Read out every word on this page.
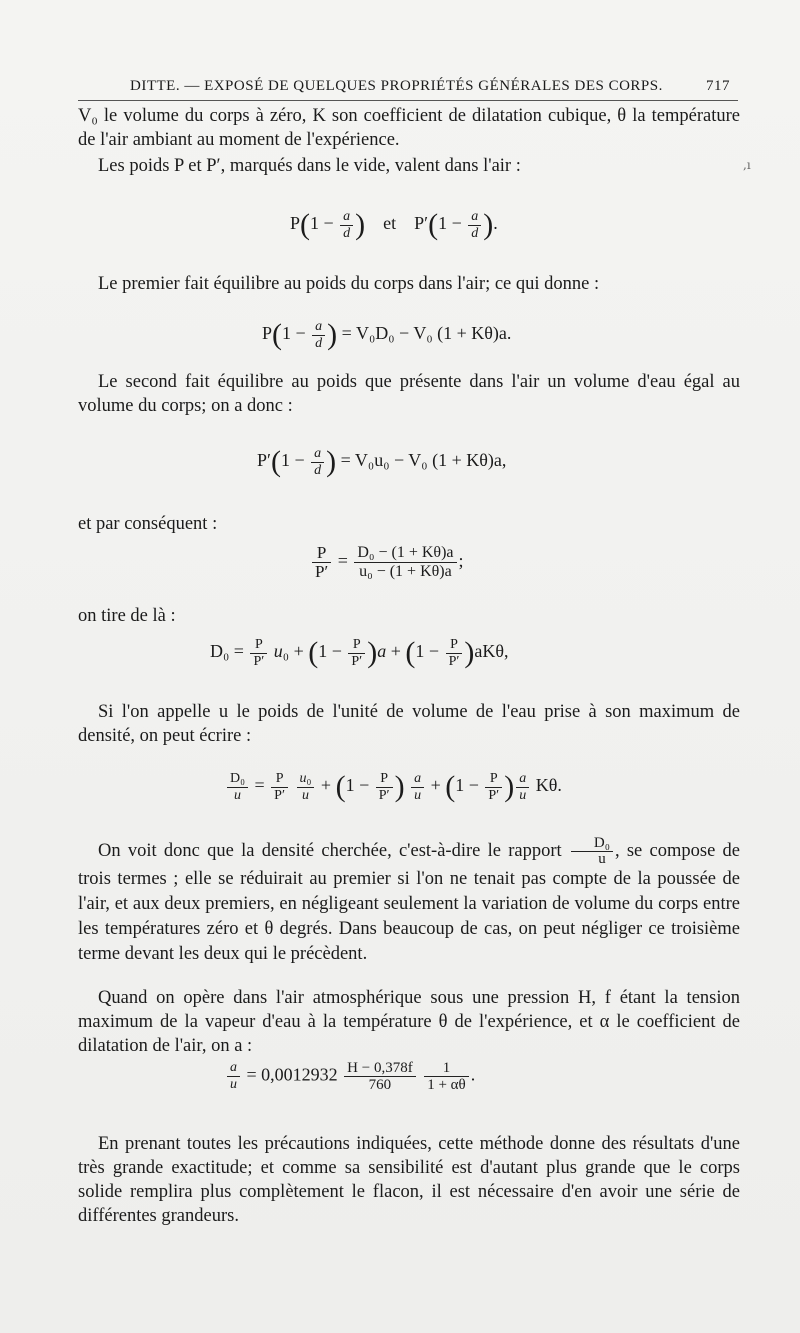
DITTE. — EXPOSÉ DE QUELQUES PROPRIÉTÉS GÉNÉRALES DES CORPS.	717
V₀ le volume du corps à zéro, K son coefficient de dilatation cubique, θ la température de l'air ambiant au moment de l'expérience.
Les poids P et P′, marqués dans le vide, valent dans l'air :	,ı
$P(1 - \frac{a}{d}$ ) et    $P'(1 - \frac{a}{d}$ ).
Le premier fait équilibre au poids du corps dans l'air; ce qui donne :
$P(1 - \frac{a}{d}$ ) = V₀D₀ − V₀ (1 + Kθ)a.
Le second fait équilibre au poids que présente dans l'air un volume d'eau égal au volume du corps; on a donc :
$P'(1 - \frac{a}{d}$ ) = V₀u₀ − V₀ (1 + Kθ)a,
et par conséquent :
$\frac{P}{P'} = \frac{\text{D₀ − (1 + Kθ)a}}{\text{u₀ − (1 + Kθ)a}}$ ;
on tire de là :
$D_0 = \frac{P}{P'} u_0 + (1 - \frac{P}{P'} )a + (1 - \frac{P}{P'} )aK\theta$,
Si l'on appelle u le poids de l'unité de volume de l'eau prise à son maximum de densité, on peut écrire :
$\frac{\text{D₀}}{u} = \frac{P}{P'}$
$\frac{\text{u₀}}{u} + (1 - \frac{P}{P'}$ ) $\frac{a}{u} + (1 - \frac{P}{P'}$ ) $\frac{a}{u} K\theta$.
On voit donc que la densité cherchée, c'est-à-dire le rapport $\frac{\text{D₀}}{u}$ , se compose de trois termes ; elle se réduirait au premier si l'on ne tenait pas compte de la poussée de l'air, et aux deux premiers, en négligeant seulement la variation de volume du corps entre les températures zéro et θ degrés. Dans beaucoup de cas, on peut négliger ce troisième terme devant les deux qui le précèdent.
Quand on opère dans l'air atmosphérique sous une pression H, f étant la tension maximum de la vapeur d'eau à la température θ de l'expérience, et α le coefficient de dilatation de l'air, on a :
$\frac{a}{u} = 0,0012932 \frac{H - 0,378f}{760}$
$\frac{1}{1 + \alpha\theta}$ .
En prenant toutes les précautions indiquées, cette méthode donne des résultats d'une très grande exactitude; et comme sa sensibilité est d'autant plus grande que le corps solide remplira plus complètement le flacon, il est nécessaire d'en avoir une série de différentes grandeurs.
